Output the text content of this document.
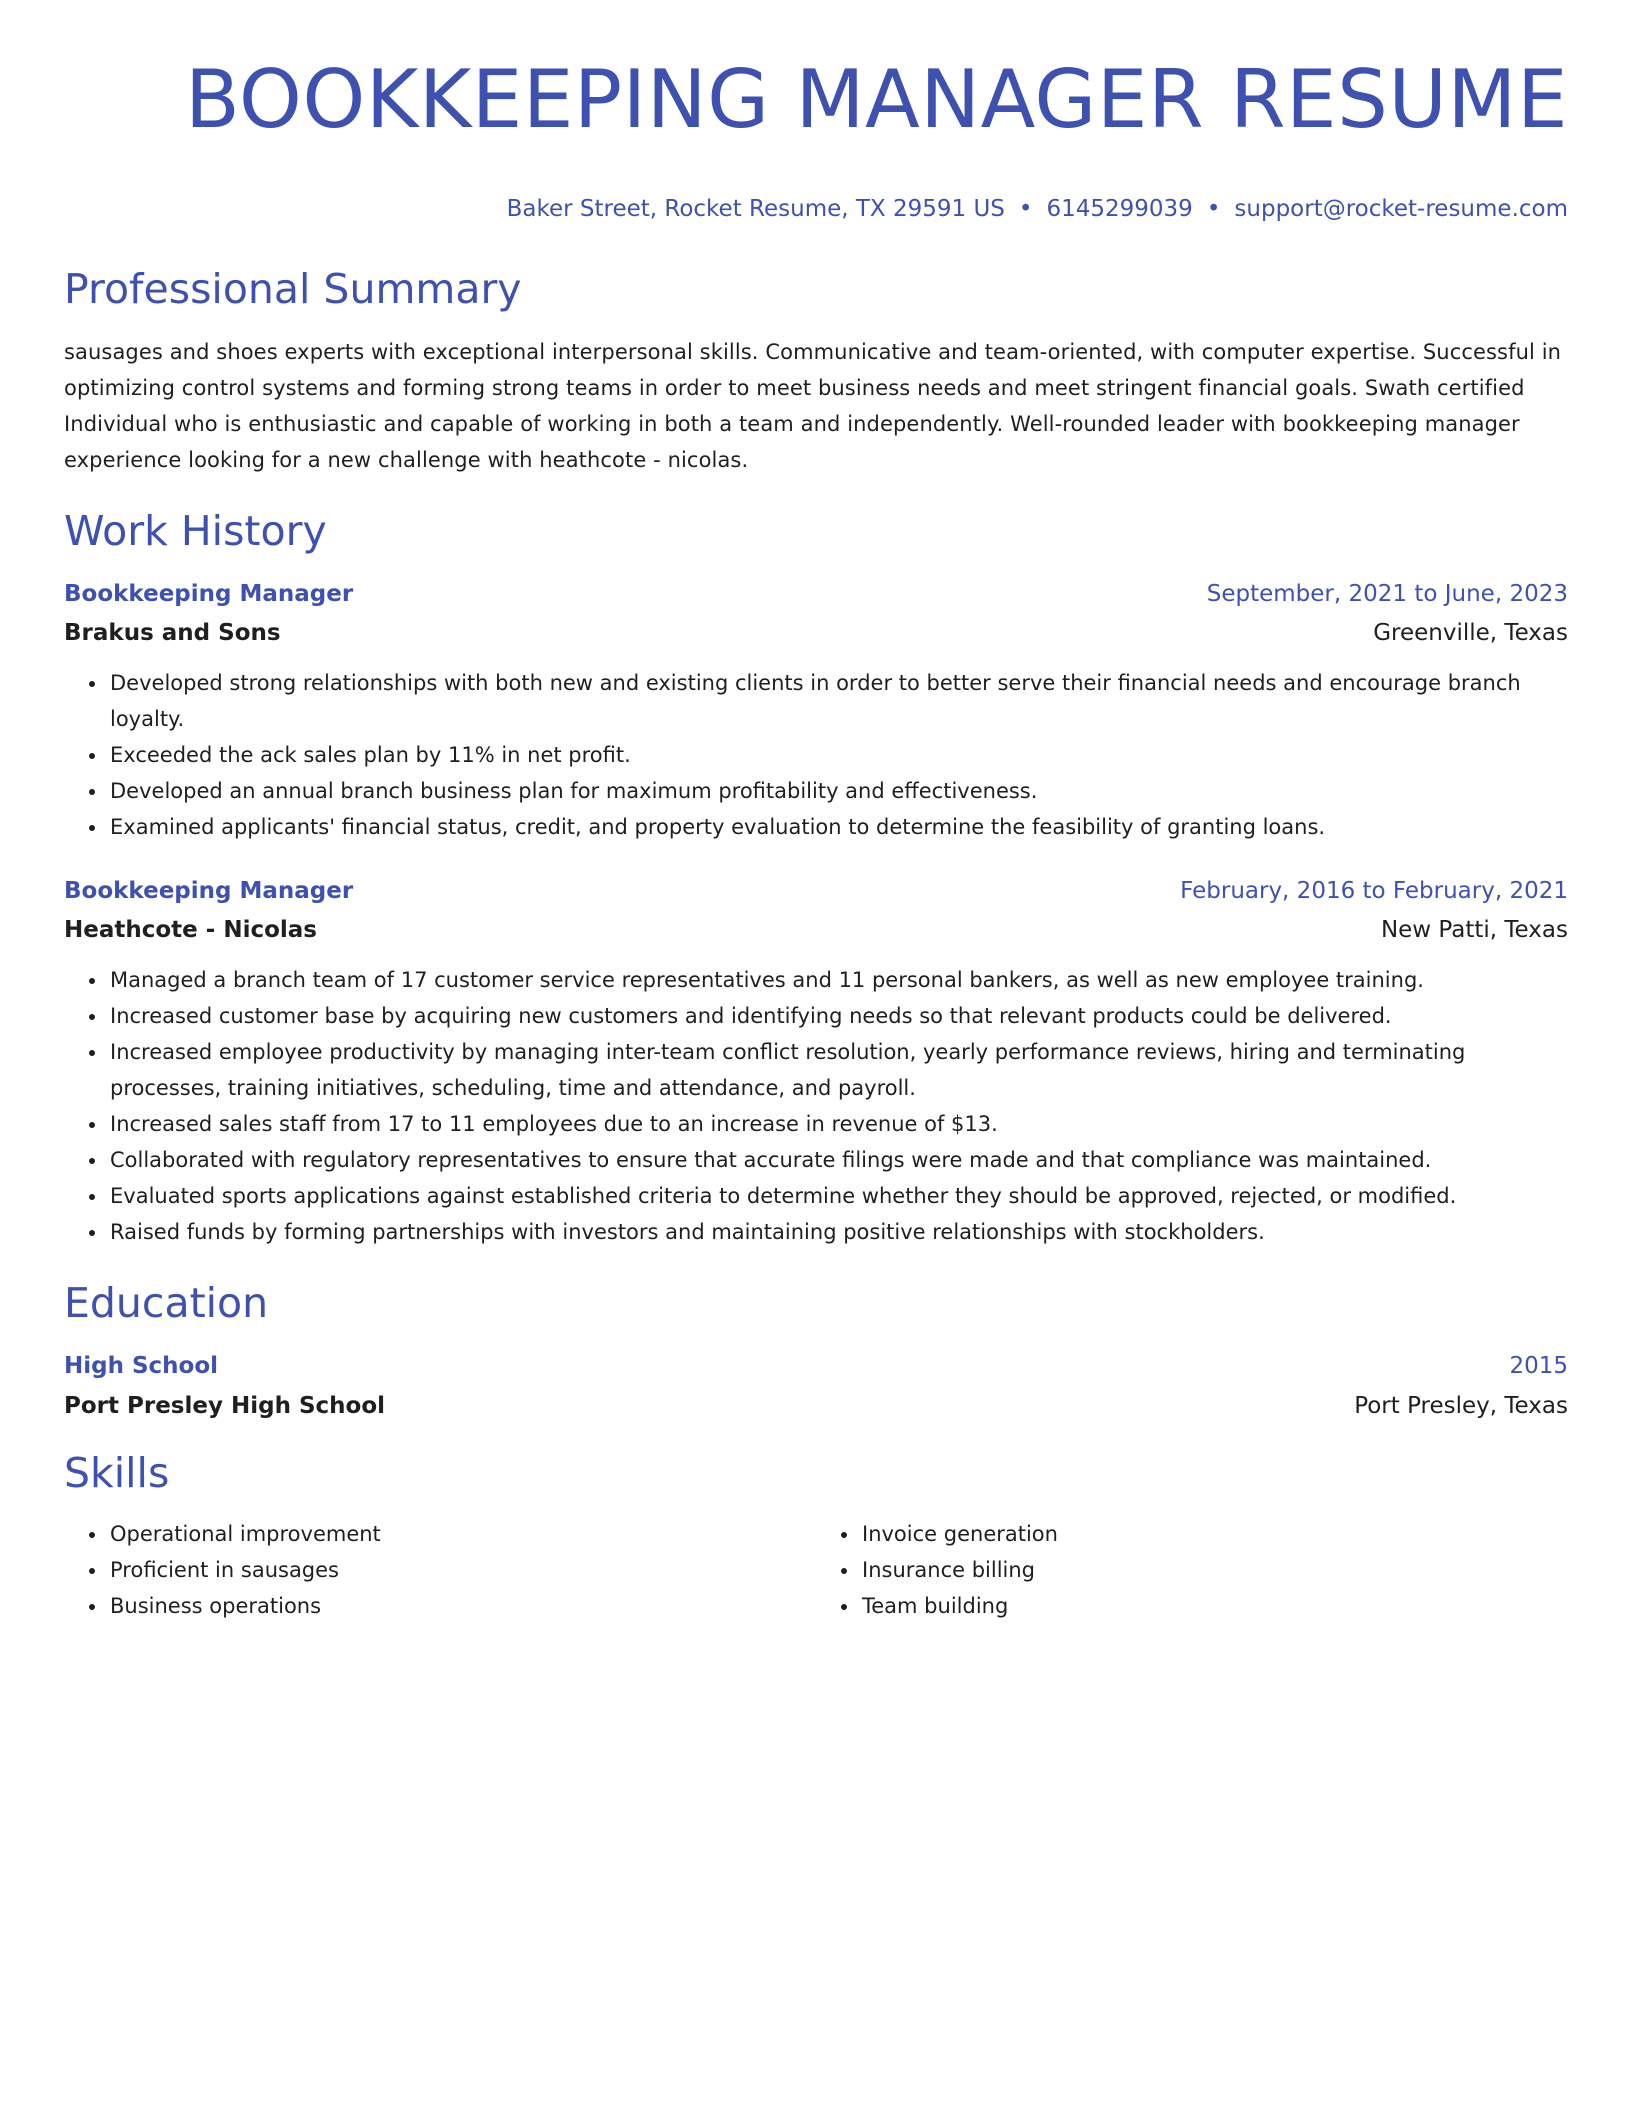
BOOKKEEPING MANAGER RESUME
Baker Street, Rocket Resume, TX 29591 US • 6145299039 • support@rocket-resume.com
Professional Summary
sausages and shoes experts with exceptional interpersonal skills. Communicative and team-oriented, with computer expertise. Successful in optimizing control systems and forming strong teams in order to meet business needs and meet stringent financial goals. Swath certified Individual who is enthusiastic and capable of working in both a team and independently. Well-rounded leader with bookkeeping manager experience looking for a new challenge with heathcote - nicolas.
Work History
Bookkeeping Manager	September, 2021 to June, 2023
Brakus and Sons	Greenville, Texas
• Developed strong relationships with both new and existing clients in order to better serve their financial needs and encourage branch loyalty.
• Exceeded the ack sales plan by 11% in net profit.
• Developed an annual branch business plan for maximum profitability and effectiveness.
• Examined applicants' financial status, credit, and property evaluation to determine the feasibility of granting loans.
Bookkeeping Manager	February, 2016 to February, 2021
Heathcote - Nicolas	New Patti, Texas
• Managed a branch team of 17 customer service representatives and 11 personal bankers, as well as new employee training.
• Increased customer base by acquiring new customers and identifying needs so that relevant products could be delivered.
• Increased employee productivity by managing inter-team conflict resolution, yearly performance reviews, hiring and terminating processes, training initiatives, scheduling, time and attendance, and payroll.
• Increased sales staff from 17 to 11 employees due to an increase in revenue of $13.
• Collaborated with regulatory representatives to ensure that accurate filings were made and that compliance was maintained.
• Evaluated sports applications against established criteria to determine whether they should be approved, rejected, or modified.
• Raised funds by forming partnerships with investors and maintaining positive relationships with stockholders.
Education
High School	2015
Port Presley High School	Port Presley, Texas
Skills
• Operational improvement
• Proficient in sausages
• Business operations
• Invoice generation
• Insurance billing
• Team building
